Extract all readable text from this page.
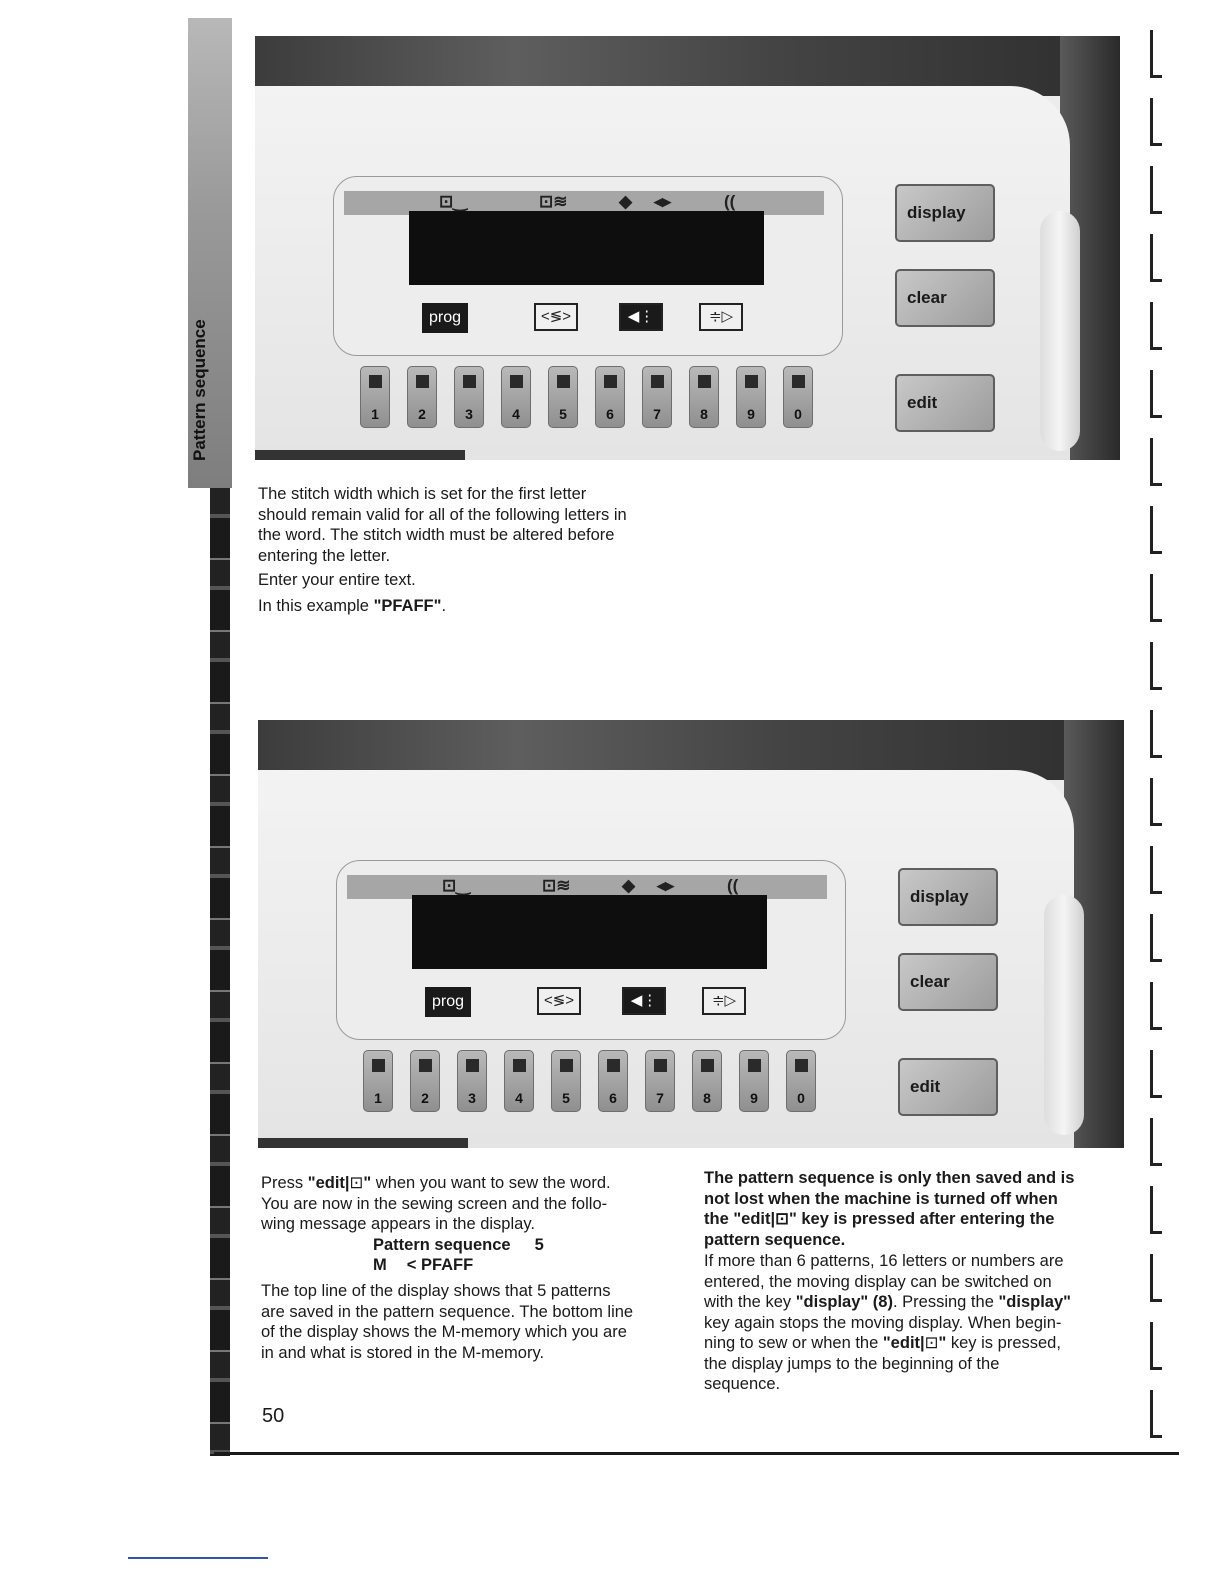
Pattern sequence
⊡‿	⊡≋	◆ ◂▸	((
prog	<≶>	◀⋮	≑▷
1	2	3	4	5	6	7	8	9	0
display
clear
edit

The stitch width which is set for the first letter
should remain valid for all of the following letters in
the word. The stitch width must be altered before
entering the letter.

Enter your entire text.

In this example "PFAFF".

⊡‿	⊡≋	◆ ◂▸	((
prog	<≶>	◀⋮	≑▷
1	2	3	4	5	6	7	8	9	0
display
clear
edit

Press "edit|⊡" when you want to sew the word.
You are now in the sewing screen and the follo-
wing message appears in the display.

Pattern sequence 5
M < PFAFF

The top line of the display shows that 5 patterns
are saved in the pattern sequence. The bottom line
of the display shows the M-memory which you are
in and what is stored in the M-memory.

The pattern sequence is only then saved and is
not lost when the machine is turned off when
the "edit|⊡" key is pressed after entering the
pattern sequence.

If more than 6 patterns, 16 letters or numbers are
entered, the moving display can be switched on
with the key "display" (8). Pressing the "display"
key again stops the moving display. When begin-
ning to sew or when the "edit|⊡" key is pressed,
the display jumps to the beginning of the
sequence.

50
